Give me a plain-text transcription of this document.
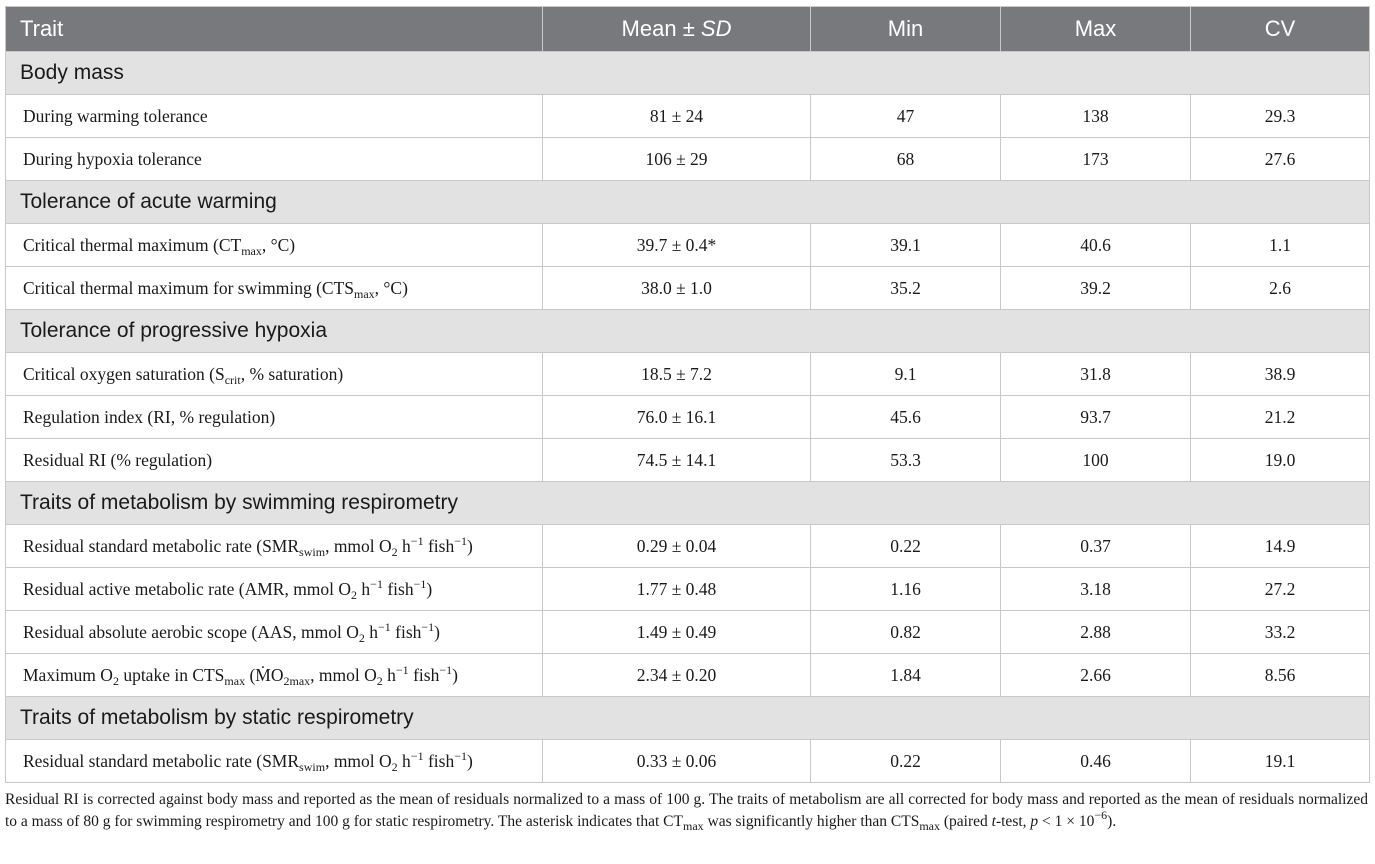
Trait	Mean ± SD	Min	Max	CV
Body mass				
During warming tolerance	81 ± 24	47	138	29.3
During hypoxia tolerance	106 ± 29	68	173	27.6
Tolerance of acute warming				
Critical thermal maximum ($CT_{max}$, °C)	39.7 ± 0.4*	39.1	40.6	1.1
Critical thermal maximum for swimming ($CTS_{max}$, °C)	38.0 ± 1.0	35.2	39.2	2.6
Tolerance of progressive hypoxia				
Critical oxygen saturation ($S_{crit}$, % saturation)	18.5 ± 7.2	9.1	31.8	38.9
Regulation index (RI, % regulation)	76.0 ± 16.1	45.6	93.7	21.2
Residual RI (% regulation)	74.5 ± 14.1	53.3	100	19.0
Traits of metabolism by swimming respirometry				
Residual standard metabolic rate ($SMR_{swim}$, mmol $O_2$ $h^{-1}$ fish$^{-1}$)	0.29 ± 0.04	0.22	0.37	14.9
Residual active metabolic rate (AMR, mmol $O_2$ $h^{-1}$ fish$^{-1}$)	1.77 ± 0.48	1.16	3.18	27.2
Residual absolute aerobic scope (AAS, mmol $O_2$ $h^{-1}$ fish$^{-1}$)	1.49 ± 0.49	0.82	2.88	33.2
Maximum $O_2$ uptake in $CTS_{max}$ (ṀO$_{2max}$, mmol $O_2$ $h^{-1}$ fish$^{-1}$)	2.34 ± 0.20	1.84	2.66	8.56
Traits of metabolism by static respirometry				
Residual standard metabolic rate ($SMR_{swim}$, mmol $O_2$ $h^{-1}$ fish$^{-1}$)	0.33 ± 0.06	0.22	0.46	19.1
Residual RI is corrected against body mass and reported as the mean of residuals normalized to a mass of 100 g. The traits of metabolism are all corrected for body mass and reported as the mean of residuals normalized to a mass of 80 g for swimming respirometry and 100 g for static respirometry. The asterisk indicates that $CT_{max}$ was significantly higher than $CTS_{max}$ (paired t-test, $p < 1 \times 10^{-6}$).
